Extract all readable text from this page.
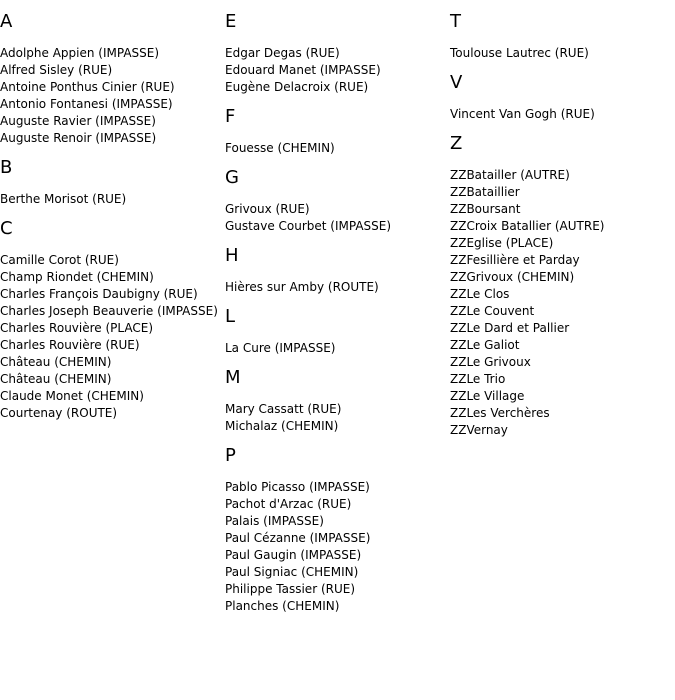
A
Adolphe Appien (IMPASSE)
Alfred Sisley (RUE)
Antoine Ponthus Cinier (RUE)
Antonio Fontanesi (IMPASSE)
Auguste Ravier (IMPASSE)
Auguste Renoir (IMPASSE)
B
Berthe Morisot (RUE)
C
Camille Corot (RUE)
Champ Riondet (CHEMIN)
Charles François Daubigny (RUE)
Charles Joseph Beauverie (IMPASSE)
Charles Rouvière (PLACE)
Charles Rouvière (RUE)
Château (CHEMIN)
Château (CHEMIN)
Claude Monet (CHEMIN)
Courtenay (ROUTE)
E
Edgar Degas (RUE)
Edouard Manet (IMPASSE)
Eugène Delacroix (RUE)
F
Fouesse (CHEMIN)
G
Grivoux (RUE)
Gustave Courbet (IMPASSE)
H
Hières sur Amby (ROUTE)
L
La Cure (IMPASSE)
M
Mary Cassatt (RUE)
Michalaz (CHEMIN)
P
Pablo Picasso (IMPASSE)
Pachot d'Arzac (RUE)
Palais (IMPASSE)
Paul Cézanne (IMPASSE)
Paul Gaugin (IMPASSE)
Paul Signiac (CHEMIN)
Philippe Tassier (RUE)
Planches (CHEMIN)
T
Toulouse Lautrec (RUE)
V
Vincent Van Gogh (RUE)
Z
ZZBatailler (AUTRE)
ZZBataillier
ZZBoursant
ZZCroix Batallier (AUTRE)
ZZEglise (PLACE)
ZZFesillière et Parday
ZZGrivoux (CHEMIN)
ZZLe Clos
ZZLe Couvent
ZZLe Dard et Pallier
ZZLe Galiot
ZZLe Grivoux
ZZLe Trio
ZZLe Village
ZZLes Verchères
ZZVernay
